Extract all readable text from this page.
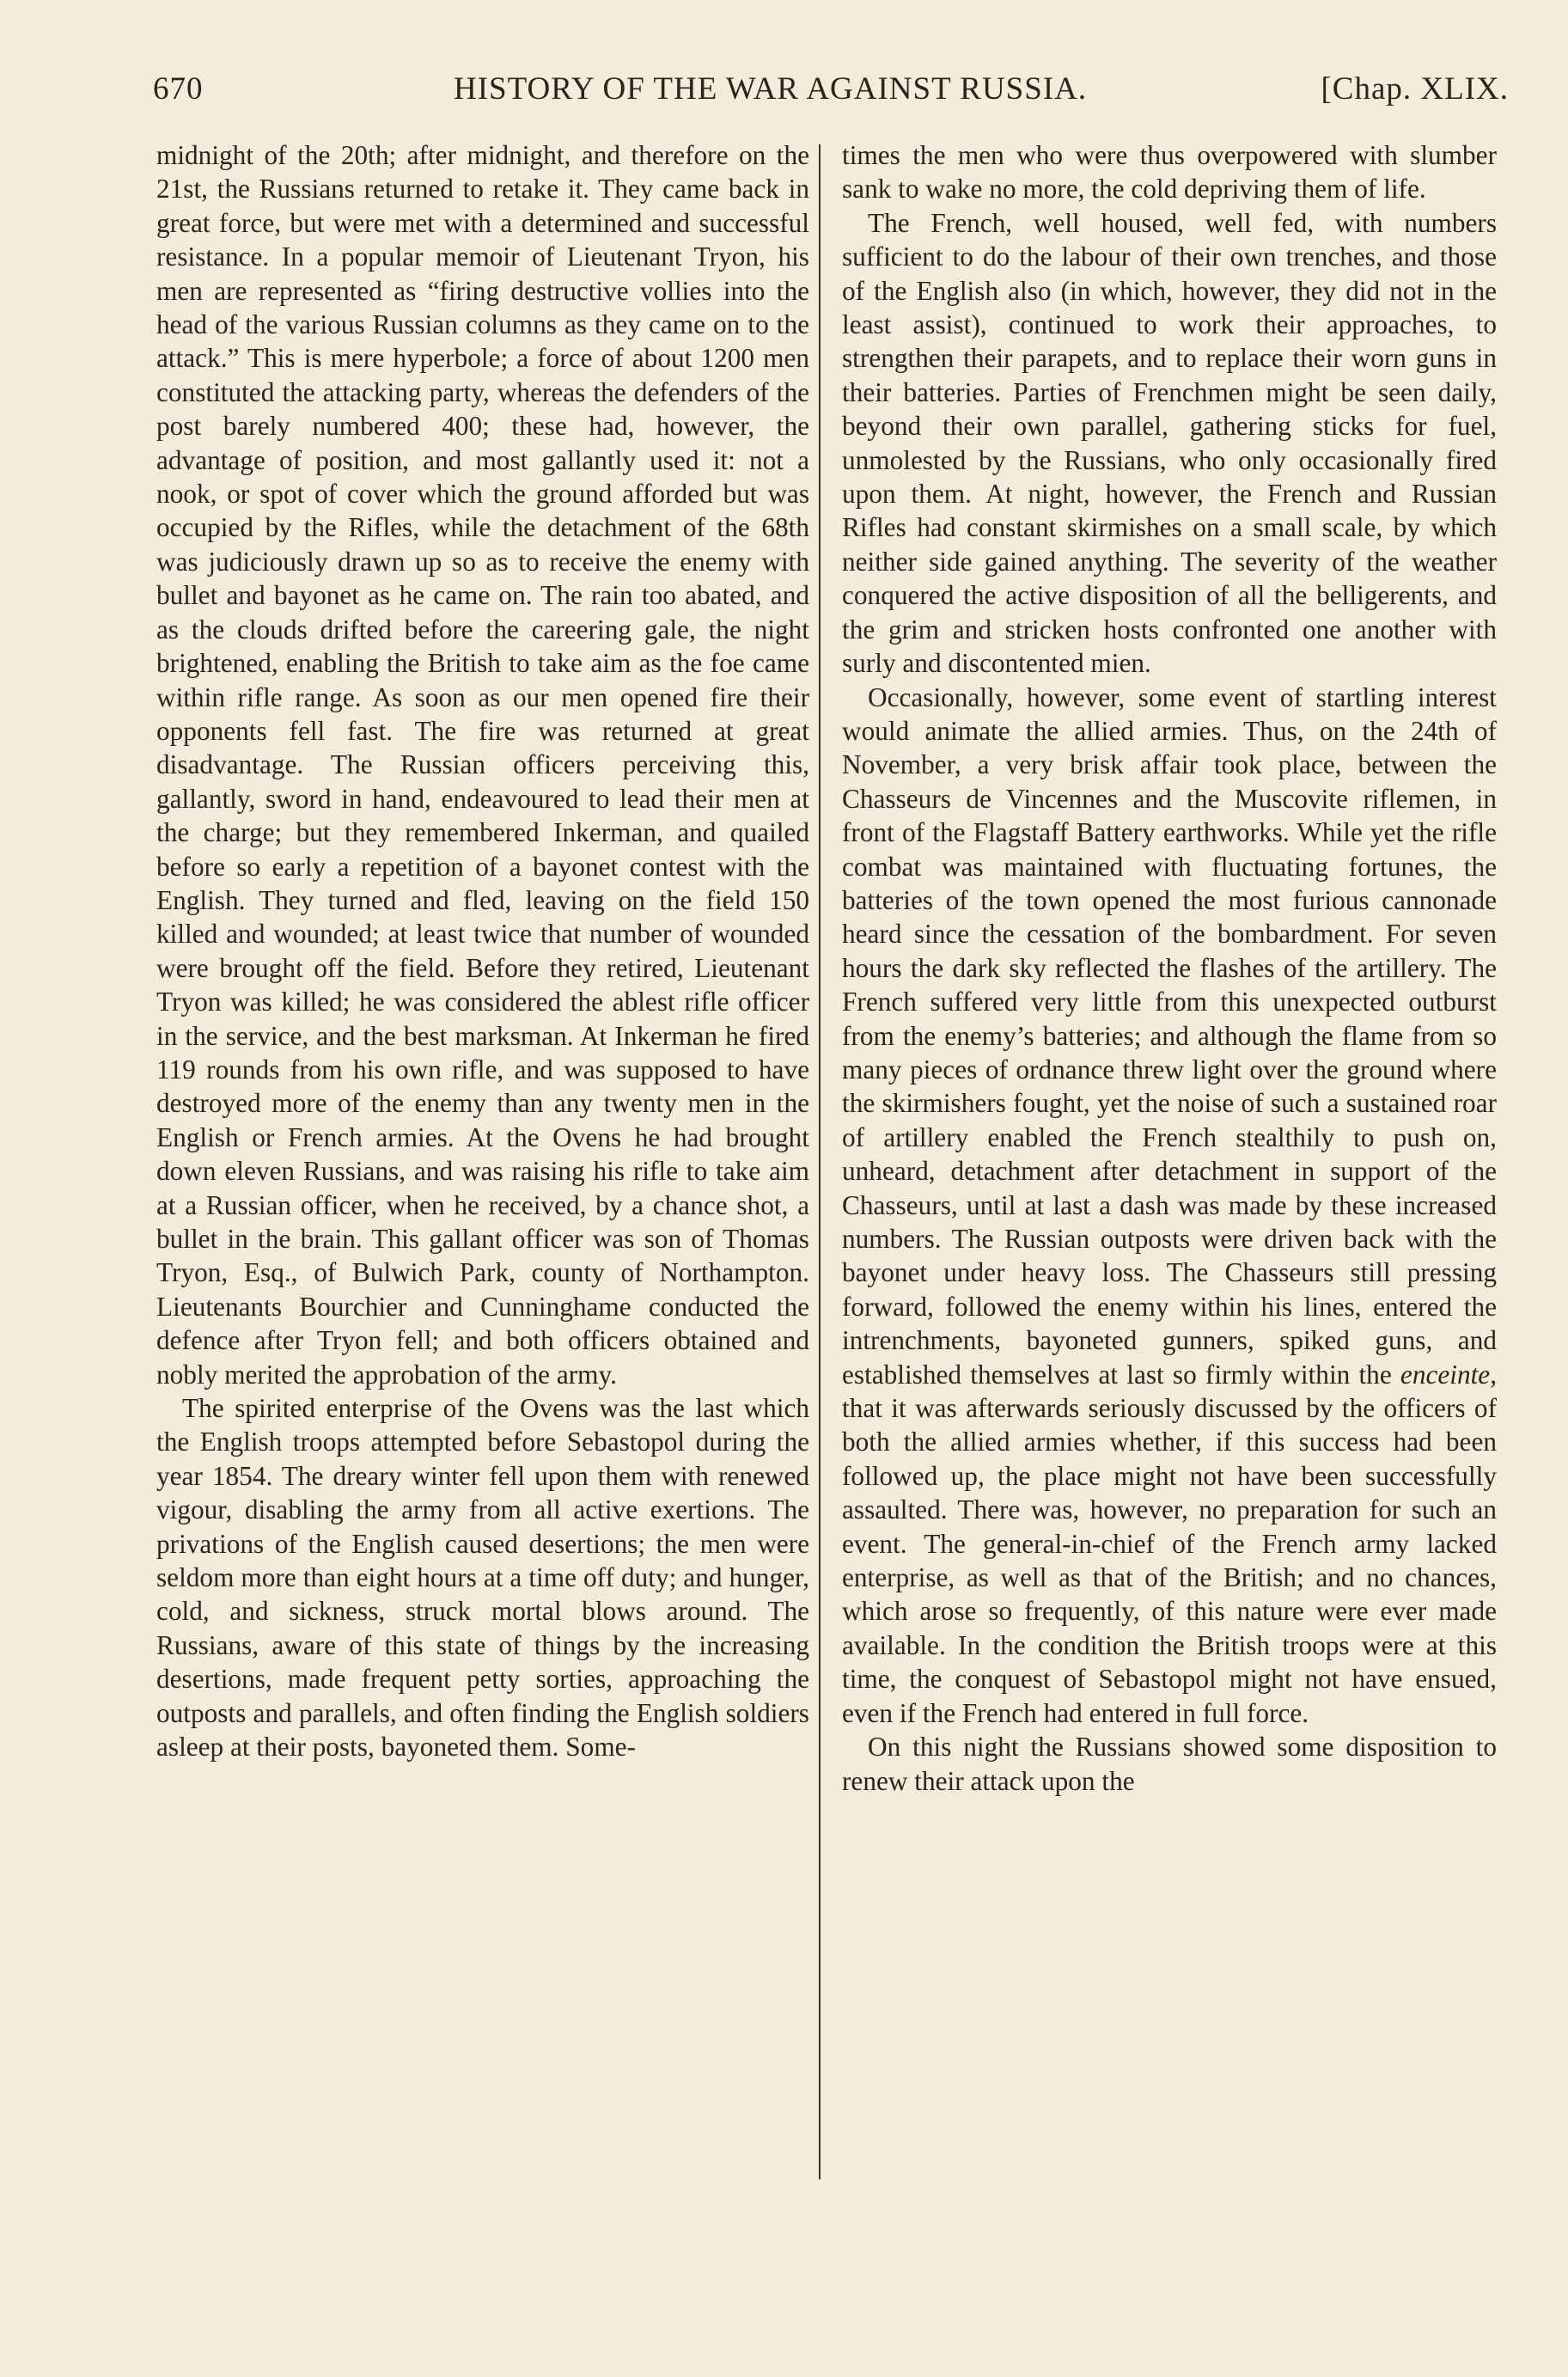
670	HISTORY OF THE WAR AGAINST RUSSIA.	[Chap. XLIX.

midnight of the 20th; after midnight, and therefore on the 21st, the Russians returned to retake it. They came back in great force, but were met with a determined and successful resistance. In a popular memoir of Lieutenant Tryon, his men are represented as “firing destructive vollies into the head of the various Russian columns as they came on to the attack.” This is mere hyperbole; a force of about 1200 men constituted the attacking party, whereas the defenders of the post barely numbered 400; these had, however, the advantage of position, and most gallantly used it: not a nook, or spot of cover which the ground afforded but was occupied by the Rifles, while the detachment of the 68th was judiciously drawn up so as to receive the enemy with bullet and bayonet as he came on. The rain too abated, and as the clouds drifted before the careering gale, the night brightened, enabling the British to take aim as the foe came within rifle range. As soon as our men opened fire their opponents fell fast. The fire was returned at great disadvantage. The Russian officers perceiving this, gallantly, sword in hand, endeavoured to lead their men at the charge; but they remembered Inkerman, and quailed before so early a repetition of a bayonet contest with the English. They turned and fled, leaving on the field 150 killed and wounded; at least twice that number of wounded were brought off the field. Before they retired, Lieutenant Tryon was killed; he was considered the ablest rifle officer in the service, and the best marksman. At Inkerman he fired 119 rounds from his own rifle, and was supposed to have destroyed more of the enemy than any twenty men in the English or French armies. At the Ovens he had brought down eleven Russians, and was raising his rifle to take aim at a Russian officer, when he received, by a chance shot, a bullet in the brain. This gallant officer was son of Thomas Tryon, Esq., of Bulwich Park, county of Northampton. Lieutenants Bourchier and Cunninghame conducted the defence after Tryon fell; and both officers obtained and nobly merited the approbation of the army.

The spirited enterprise of the Ovens was the last which the English troops attempted before Sebastopol during the year 1854. The dreary winter fell upon them with renewed vigour, disabling the army from all active exertions. The privations of the English caused desertions; the men were seldom more than eight hours at a time off duty; and hunger, cold, and sickness, struck mortal blows around. The Russians, aware of this state of things by the increasing desertions, made frequent petty sorties, approaching the outposts and parallels, and often finding the English soldiers asleep at their posts, bayoneted them. Some-

times the men who were thus overpowered with slumber sank to wake no more, the cold depriving them of life.

The French, well housed, well fed, with numbers sufficient to do the labour of their own trenches, and those of the English also (in which, however, they did not in the least assist), continued to work their approaches, to strengthen their parapets, and to replace their worn guns in their batteries. Parties of Frenchmen might be seen daily, beyond their own parallel, gathering sticks for fuel, unmolested by the Russians, who only occasionally fired upon them. At night, however, the French and Russian Rifles had constant skirmishes on a small scale, by which neither side gained anything. The severity of the weather conquered the active disposition of all the belligerents, and the grim and stricken hosts confronted one another with surly and discontented mien.

Occasionally, however, some event of startling interest would animate the allied armies. Thus, on the 24th of November, a very brisk affair took place, between the Chasseurs de Vincennes and the Muscovite riflemen, in front of the Flagstaff Battery earthworks. While yet the rifle combat was maintained with fluctuating fortunes, the batteries of the town opened the most furious cannonade heard since the cessation of the bombardment. For seven hours the dark sky reflected the flashes of the artillery. The French suffered very little from this unexpected outburst from the enemy’s batteries; and although the flame from so many pieces of ordnance threw light over the ground where the skirmishers fought, yet the noise of such a sustained roar of artillery enabled the French stealthily to push on, unheard, detachment after detachment in support of the Chasseurs, until at last a dash was made by these increased numbers. The Russian outposts were driven back with the bayonet under heavy loss. The Chasseurs still pressing forward, followed the enemy within his lines, entered the intrenchments, bayoneted gunners, spiked guns, and established themselves at last so firmly within the enceinte, that it was afterwards seriously discussed by the officers of both the allied armies whether, if this success had been followed up, the place might not have been successfully assaulted. There was, however, no preparation for such an event. The general-in-chief of the French army lacked enterprise, as well as that of the British; and no chances, which arose so frequently, of this nature were ever made available. In the condition the British troops were at this time, the conquest of Sebastopol might not have ensued, even if the French had entered in full force.

On this night the Russians showed some disposition to renew their attack upon the
